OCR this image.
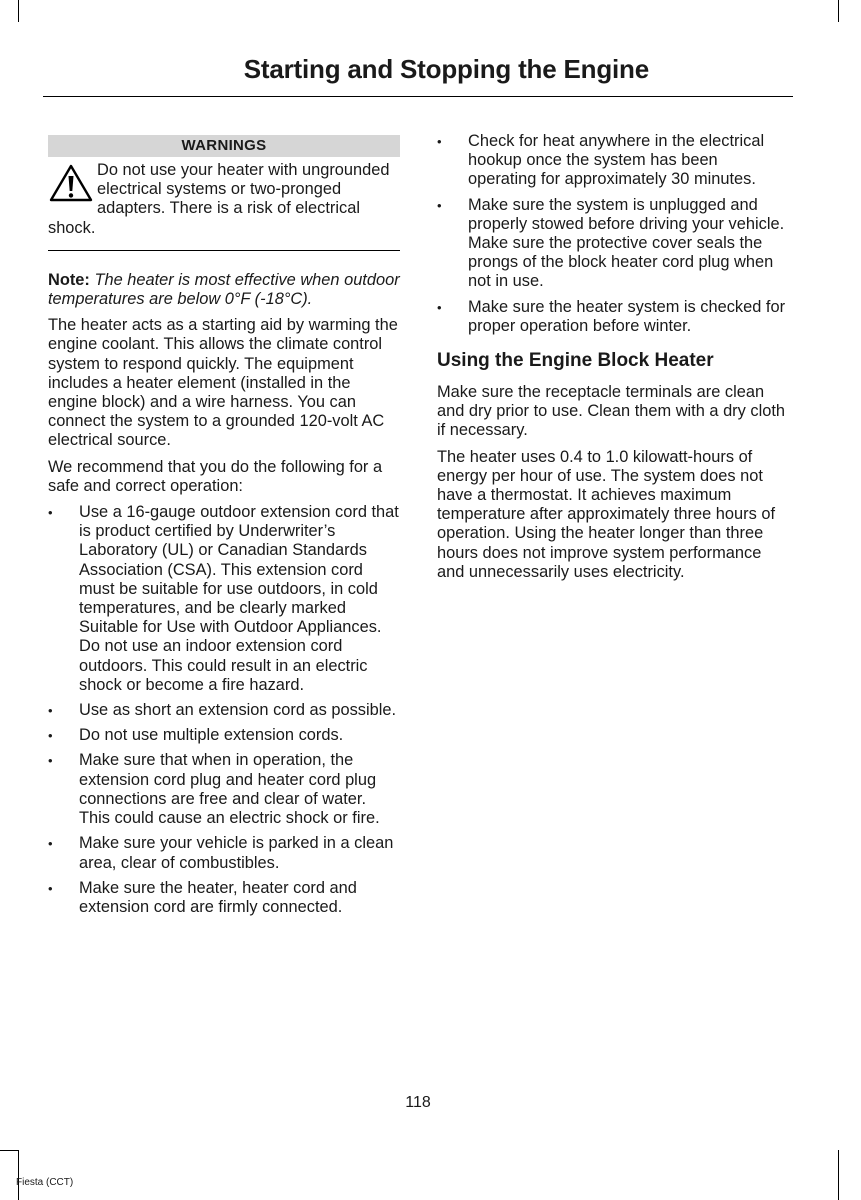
Starting and Stopping the Engine
WARNINGS

Do not use your heater with ungrounded electrical systems or two-pronged adapters. There is a risk of electrical shock.

Note: The heater is most effective when outdoor temperatures are below 0°F (-18°C).

The heater acts as a starting aid by warming the engine coolant. This allows the climate control system to respond quickly. The equipment includes a heater element (installed in the engine block) and a wire harness. You can connect the system to a grounded 120-volt AC electrical source.

We recommend that you do the following for a safe and correct operation:

• Use a 16-gauge outdoor extension cord that is product certified by Underwriter’s Laboratory (UL) or Canadian Standards Association (CSA). This extension cord must be suitable for use outdoors, in cold temperatures, and be clearly marked Suitable for Use with Outdoor Appliances. Do not use an indoor extension cord outdoors. This could result in an electric shock or become a fire hazard.
• Use as short an extension cord as possible.
• Do not use multiple extension cords.
• Make sure that when in operation, the extension cord plug and heater cord plug connections are free and clear of water. This could cause an electric shock or fire.
• Make sure your vehicle is parked in a clean area, clear of combustibles.
• Make sure the heater, heater cord and extension cord are firmly connected.
• Check for heat anywhere in the electrical hookup once the system has been operating for approximately 30 minutes.
• Make sure the system is unplugged and properly stowed before driving your vehicle. Make sure the protective cover seals the prongs of the block heater cord plug when not in use.
• Make sure the heater system is checked for proper operation before winter.
Using the Engine Block Heater

Make sure the receptacle terminals are clean and dry prior to use. Clean them with a dry cloth if necessary.

The heater uses 0.4 to 1.0 kilowatt-hours of energy per hour of use. The system does not have a thermostat. It achieves maximum temperature after approximately three hours of operation. Using the heater longer than three hours does not improve system performance and unnecessarily uses electricity.

118
Fiesta (CCT)
